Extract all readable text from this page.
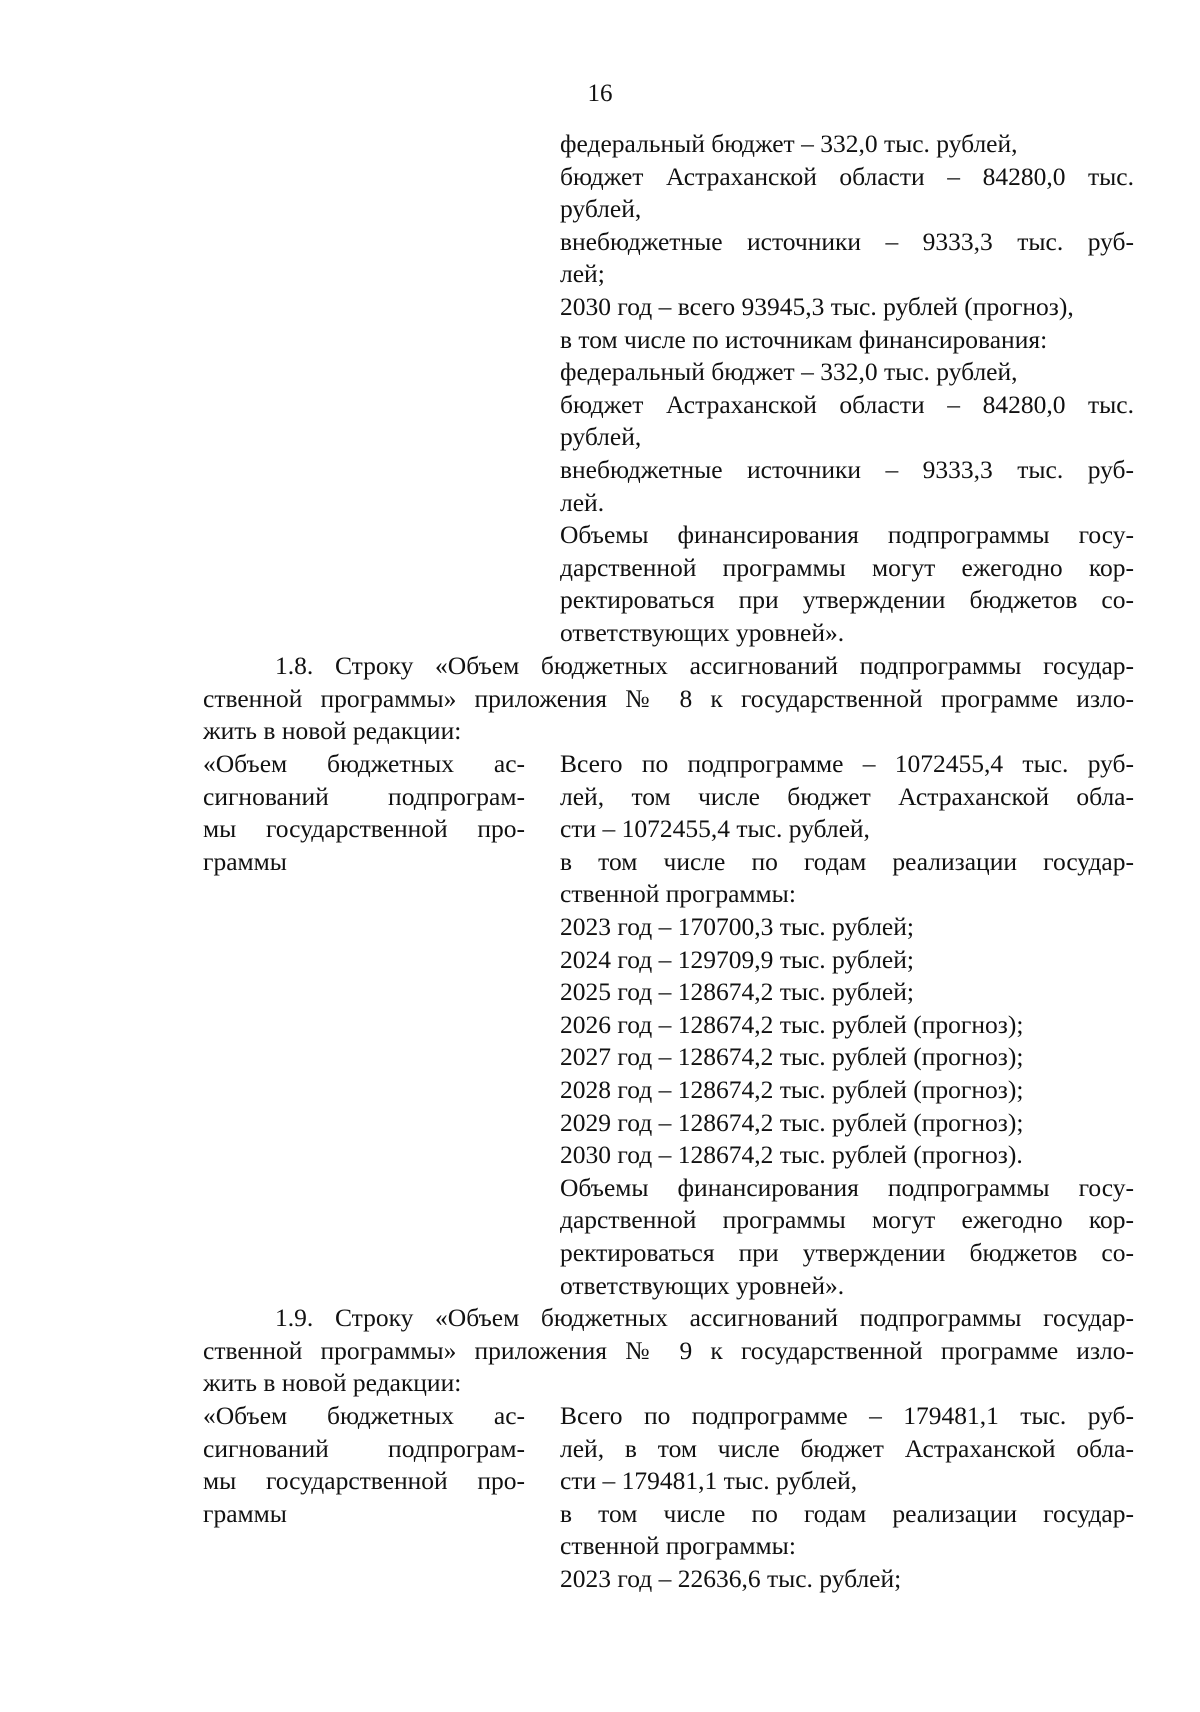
16
федеральный бюджет – 332,0 тыс. рублей,
бюджет Астраханской области – 84280,0 тыс.
рублей,
внебюджетные источники – 9333,3 тыс. руб-
лей;
2030 год – всего 93945,3 тыс. рублей (прогноз),
в том числе по источникам финансирования:
федеральный бюджет – 332,0 тыс. рублей,
бюджет Астраханской области – 84280,0 тыс.
рублей,
внебюджетные источники – 9333,3 тыс. руб-
лей.
Объемы финансирования подпрограммы госу-
дарственной программы могут ежегодно кор-
ректироваться при утверждении бюджетов со-
ответствующих уровней».
1.8. Строку «Объем бюджетных ассигнований подпрограммы государ-
ственной программы» приложения № 8 к государственной программе изло-
жить в новой редакции:
«Объем бюджетных ас-
сигнований подпрограм-
мы государственной про-
граммы
Всего по подпрограмме – 1072455,4 тыс. руб-
лей, том числе бюджет Астраханской обла-
сти – 1072455,4 тыс. рублей,
в том числе по годам реализации государ-
ственной программы:
2023 год – 170700,3 тыс. рублей;
2024 год – 129709,9 тыс. рублей;
2025 год – 128674,2 тыс. рублей;
2026 год – 128674,2 тыс. рублей (прогноз);
2027 год – 128674,2 тыс. рублей (прогноз);
2028 год – 128674,2 тыс. рублей (прогноз);
2029 год – 128674,2 тыс. рублей (прогноз);
2030 год – 128674,2 тыс. рублей (прогноз).
Объемы финансирования подпрограммы госу-
дарственной программы могут ежегодно кор-
ректироваться при утверждении бюджетов со-
ответствующих уровней».
1.9. Строку «Объем бюджетных ассигнований подпрограммы государ-
ственной программы» приложения № 9 к государственной программе изло-
жить в новой редакции:
«Объем бюджетных ас-
сигнований подпрограм-
мы государственной про-
граммы
Всего по подпрограмме – 179481,1 тыс. руб-
лей, в том числе бюджет Астраханской обла-
сти – 179481,1 тыс. рублей,
в том числе по годам реализации государ-
ственной программы:
2023 год – 22636,6 тыс. рублей;
